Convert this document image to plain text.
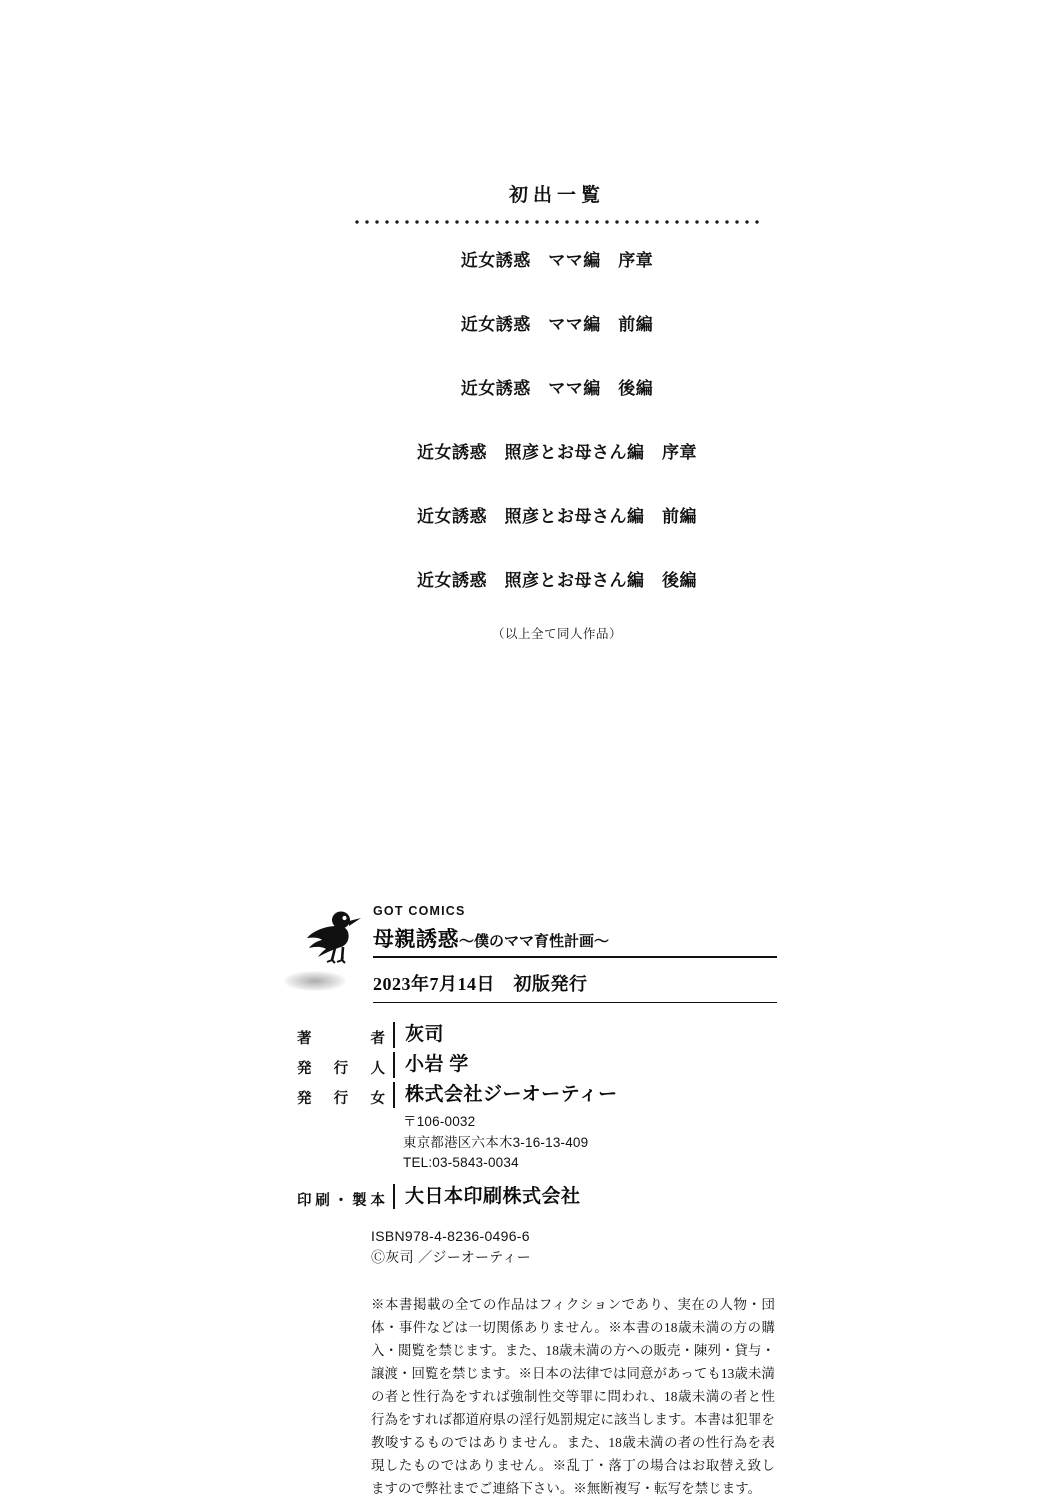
初出一覧
近女誘惑　ママ編　序章
近女誘惑　ママ編　前編
近女誘惑　ママ編　後編
近女誘惑　照彦とお母さん編　序章
近女誘惑　照彦とお母さん編　前編
近女誘惑　照彦とお母さん編　後編
（以上全て同人作品）
GOT COMICS
母親誘惑〜僕のママ育性計画〜
2023年7月14日　初版発行
著者	灰司
発行人	小岩 学
発行女	株式会社ジーオーティー
〒106-0032
東京都港区六本木3-16-13-409
TEL:03-5843-0034
印刷・製本	大日本印刷株式会社
ISBN978-4-8236-0496-6
Ⓒ灰司 ／ジーオーティー
※本書掲載の全ての作品はフィクションであり、実在の人物・団体・事件などは一切関係ありません。※本書の18歳未満の方の購入・閲覧を禁じます。また、18歳未満の方への販売・陳列・貸与・譲渡・回覧を禁じます。※日本の法律では同意があっても13歳未満の者と性行為をすれば強制性交等罪に問われ、18歳未満の者と性行為をすれば都道府県の淫行処罰規定に該当します。本書は犯罪を教唆するものではありません。また、18歳未満の者の性行為を表現したものではありません。※乱丁・落丁の場合はお取替え致しますので弊社までご連絡下さい。※無断複写・転写を禁じます。
